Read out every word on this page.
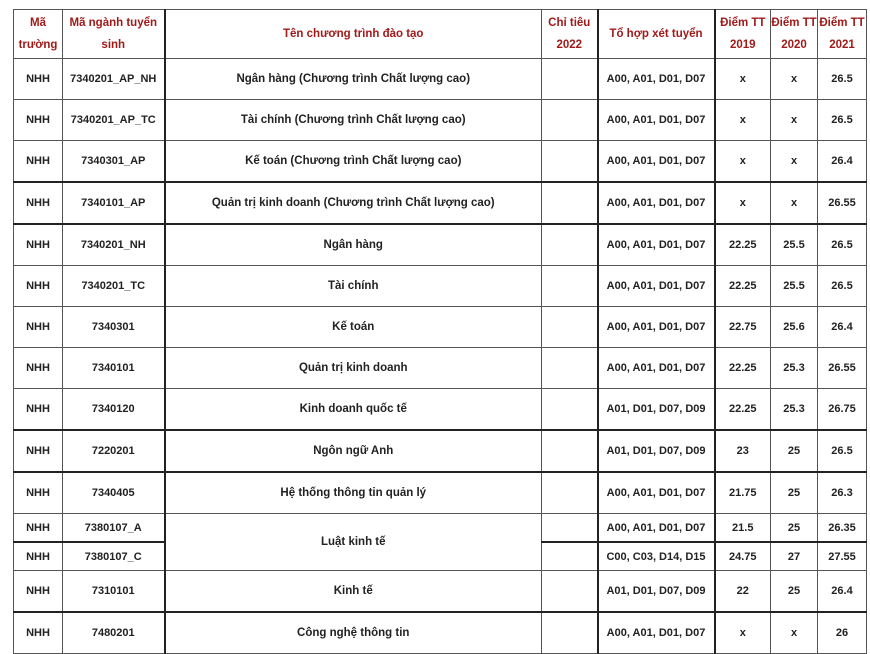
Mã trường	Mã ngành tuyển sinh	Tên chương trình đào tạo	Chỉ tiêu 2022	Tổ hợp xét tuyển	Điểm TT 2019	Điểm TT 2020	Điểm TT 2021
NHH	7340201_AP_NH	Ngân hàng (Chương trình Chất lượng cao)		A00, A01, D01, D07	x	x	26.5
NHH	7340201_AP_TC	Tài chính (Chương trình Chất lượng cao)		A00, A01, D01, D07	x	x	26.5
NHH	7340301_AP	Kế toán (Chương trình Chất lượng cao)		A00, A01, D01, D07	x	x	26.4
NHH	7340101_AP	Quản trị kinh doanh (Chương trình Chất lượng cao)		A00, A01, D01, D07	x	x	26.55
NHH	7340201_NH	Ngân hàng		A00, A01, D01, D07	22.25	25.5	26.5
NHH	7340201_TC	Tài chính		A00, A01, D01, D07	22.25	25.5	26.5
NHH	7340301	Kế toán		A00, A01, D01, D07	22.75	25.6	26.4
NHH	7340101	Quản trị kinh doanh		A00, A01, D01, D07	22.25	25.3	26.55
NHH	7340120	Kinh doanh quốc tế		A01, D01, D07, D09	22.25	25.3	26.75
NHH	7220201	Ngôn ngữ Anh		A01, D01, D07, D09	23	25	26.5
NHH	7340405	Hệ thống thông tin quản lý		A00, A01, D01, D07	21.75	25	26.3
NHH	7380107_A	Luật kinh tế		A00, A01, D01, D07	21.5	25	26.35
NHH	7380107_C			C00, C03, D14, D15	24.75	27	27.55
NHH	7310101	Kinh tế		A01, D01, D07, D09	22	25	26.4
NHH	7480201	Công nghệ thông tin		A00, A01, D01, D07	x	x	26
